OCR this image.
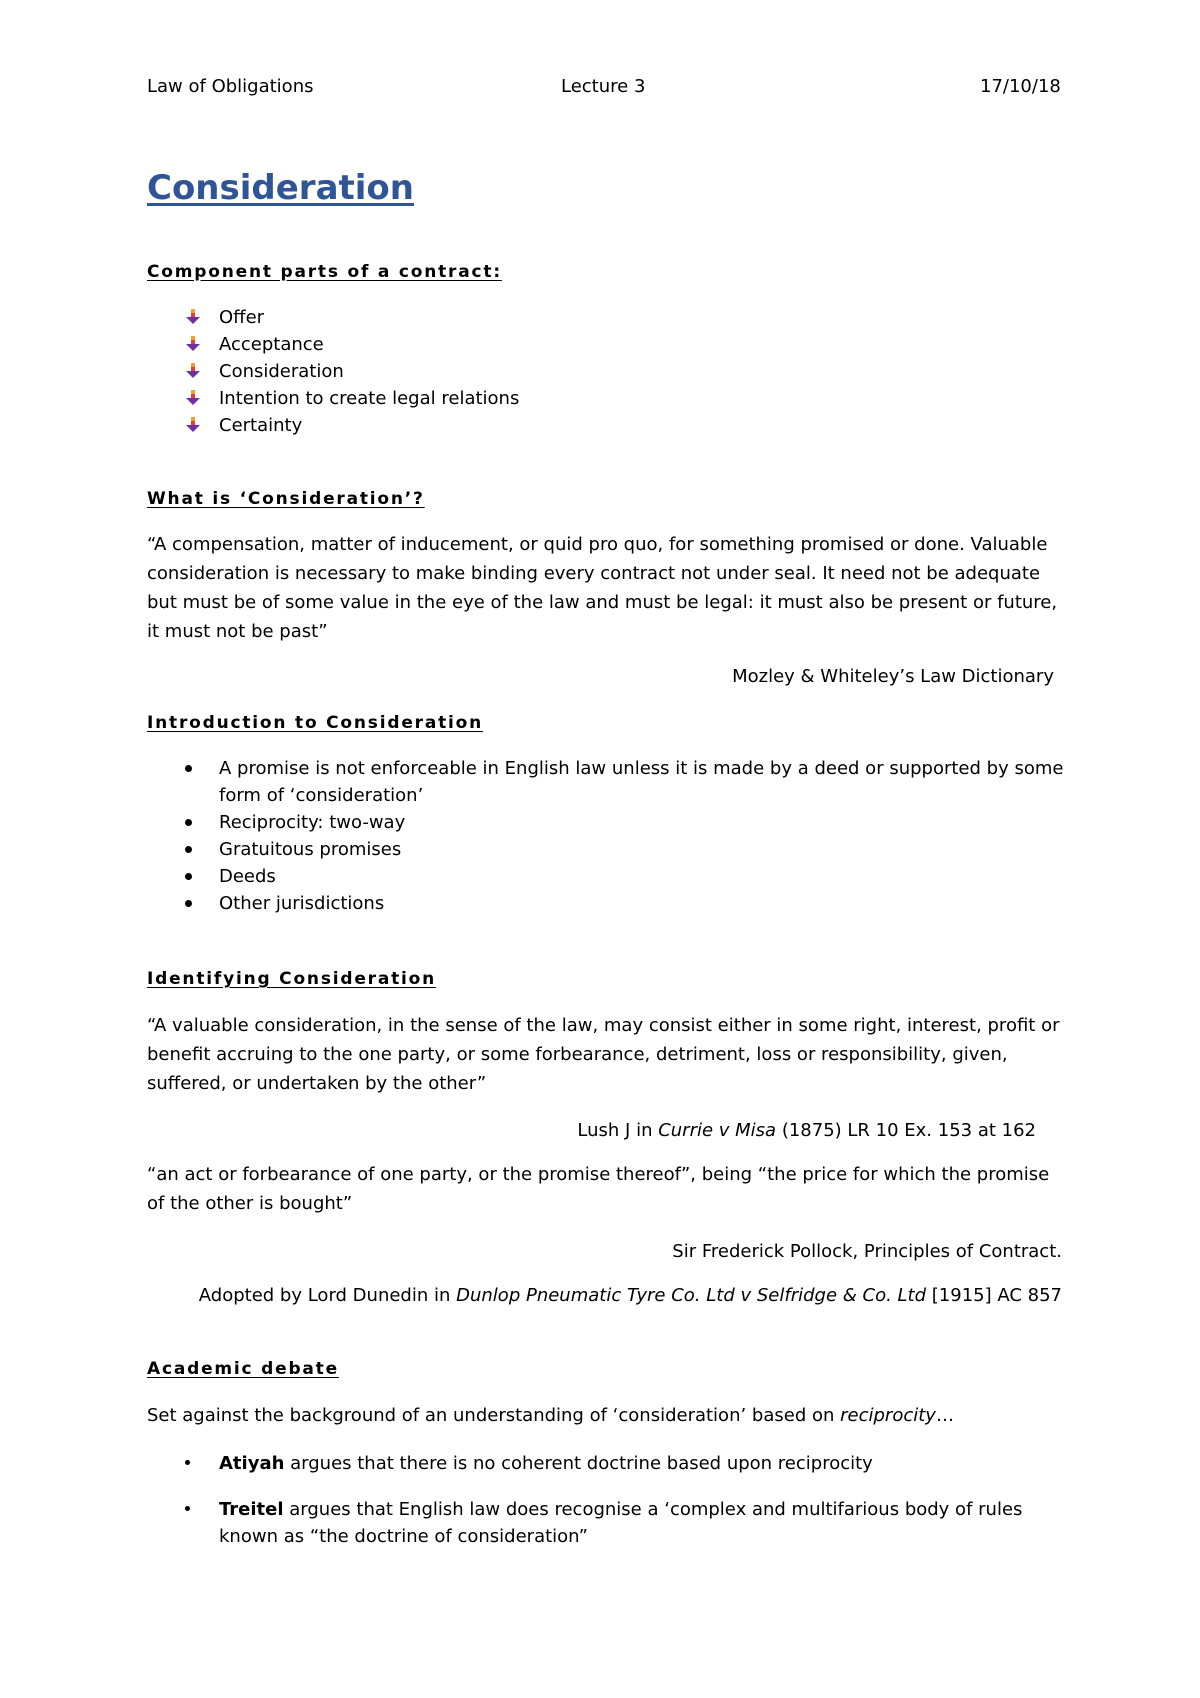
Law of Obligations	Lecture 3	17/10/18
Consideration
Component parts of a contract:
Offer
Acceptance
Consideration
Intention to create legal relations
Certainty
What is ‘Consideration’?
“A compensation, matter of inducement, or quid pro quo, for something promised or done. Valuable
consideration is necessary to make binding every contract not under seal. It need not be adequate
but must be of some value in the eye of the law and must be legal: it must also be present or future,
it must not be past”
Mozley & Whiteley’s Law Dictionary
Introduction to Consideration
A promise is not enforceable in English law unless it is made by a deed or supported by some
form of ‘consideration’
Reciprocity: two-way
Gratuitous promises
Deeds
Other jurisdictions
Identifying Consideration
“A valuable consideration, in the sense of the law, may consist either in some right, interest, profit or
benefit accruing to the one party, or some forbearance, detriment, loss or responsibility, given,
suffered, or undertaken by the other”
Lush J in Currie v Misa (1875) LR 10 Ex. 153 at 162
“an act or forbearance of one party, or the promise thereof”, being “the price for which the promise
of the other is bought”
Sir Frederick Pollock, Principles of Contract.
Adopted by Lord Dunedin in Dunlop Pneumatic Tyre Co. Ltd v Selfridge & Co. Ltd [1915] AC 857
Academic debate
Set against the background of an understanding of ‘consideration’ based on reciprocity…
Atiyah argues that there is no coherent doctrine based upon reciprocity
Treitel argues that English law does recognise a ‘complex and multifarious body of rules
known as “the doctrine of consideration”
